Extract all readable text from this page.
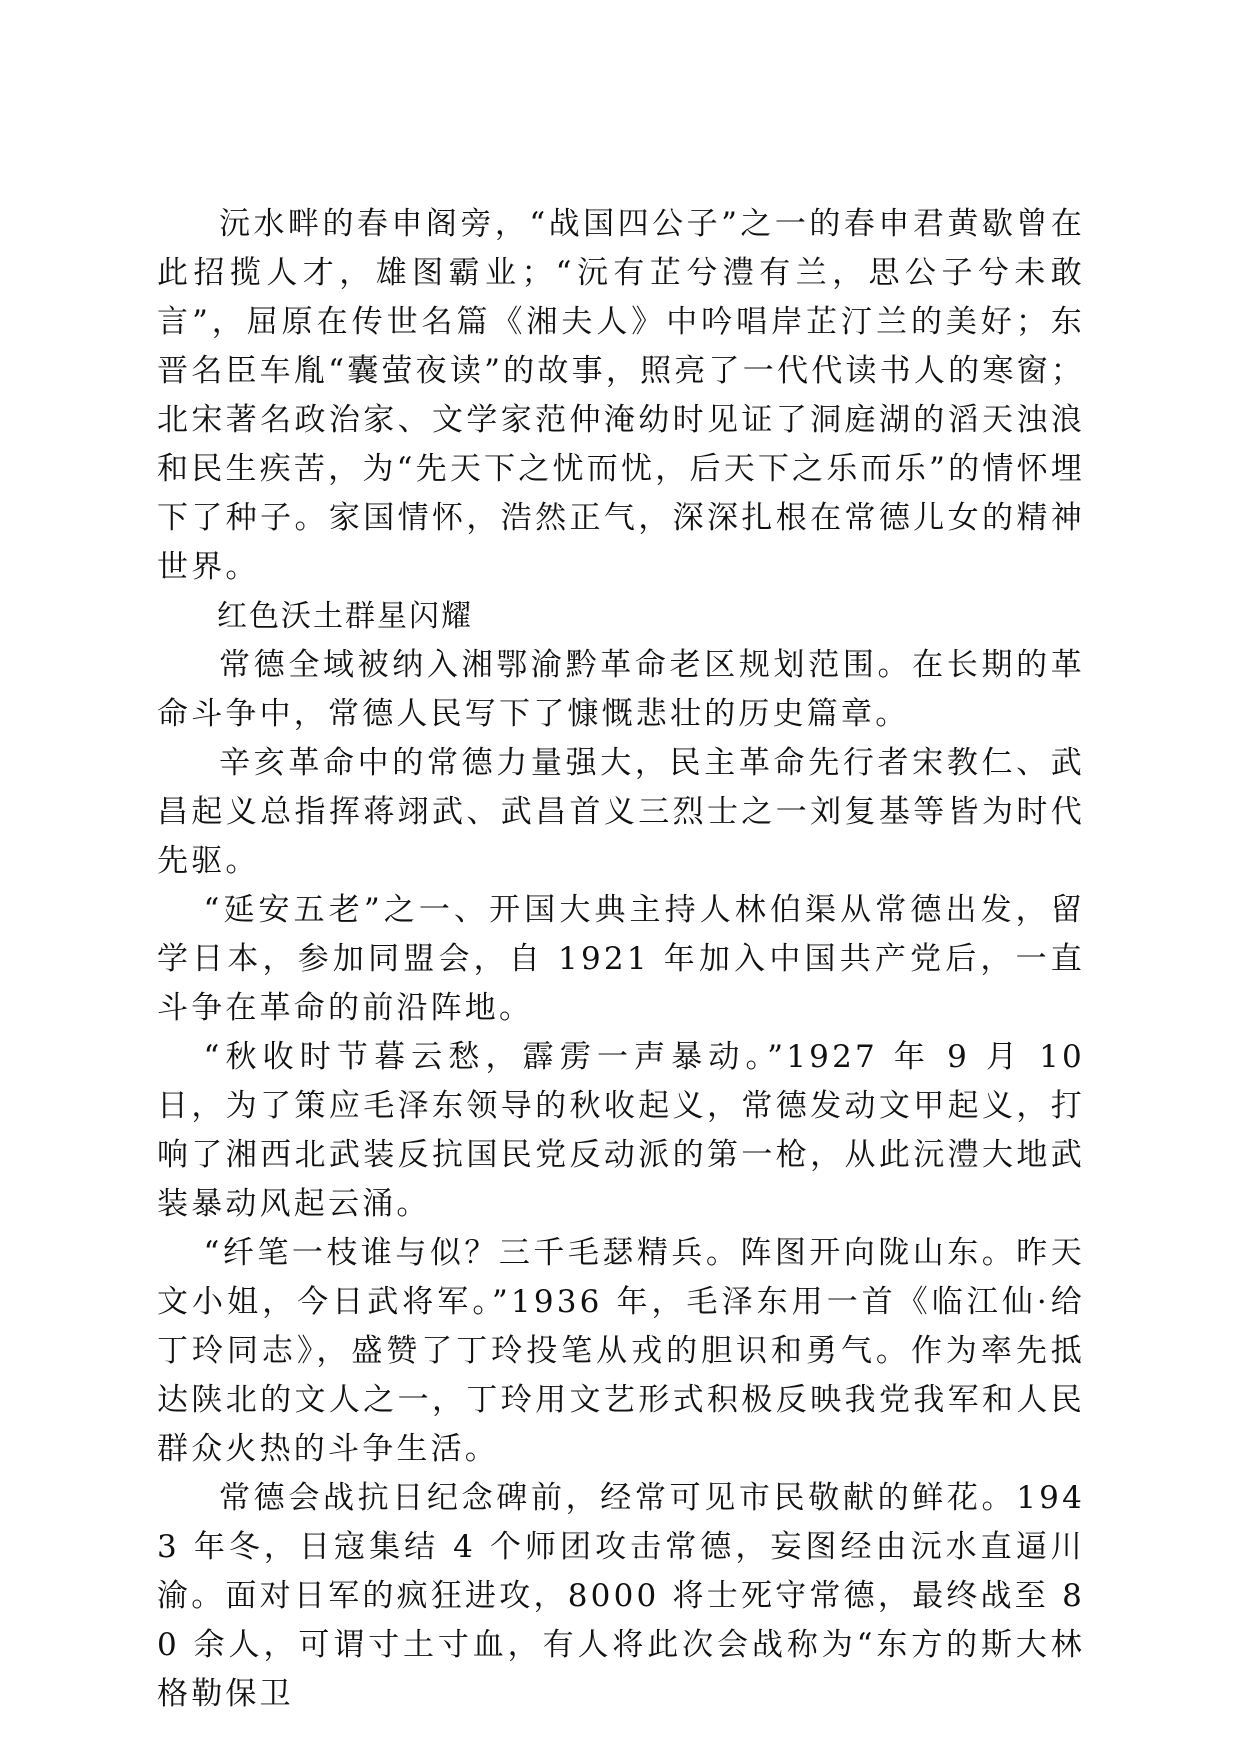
沅水畔的春申阁旁，“战国四公子”之一的春申君黄歇曾在此招揽人才，雄图霸业；“沅有芷兮澧有兰，思公子兮未敢言”，屈原在传世名篇《湘夫人》中吟唱岸芷汀兰的美好；东晋名臣车胤“囊萤夜读”的故事，照亮了一代代读书人的寒窗；北宋著名政治家、文学家范仲淹幼时见证了洞庭湖的滔天浊浪和民生疾苦，为“先天下之忧而忧，后天下之乐而乐”的情怀埋下了种子。家国情怀，浩然正气，深深扎根在常德儿女的精神世界。

红色沃土群星闪耀

常德全域被纳入湘鄂渝黔革命老区规划范围。在长期的革命斗争中，常德人民写下了慷慨悲壮的历史篇章。

辛亥革命中的常德力量强大，民主革命先行者宋教仁、武昌起义总指挥蒋翊武、武昌首义三烈士之一刘复基等皆为时代先驱。

“延安五老”之一、开国大典主持人林伯渠从常德出发，留学日本，参加同盟会，自 1921 年加入中国共产党后，一直斗争在革命的前沿阵地。

“秋收时节暮云愁，霹雳一声暴动。”1927 年 9 月 10 日，为了策应毛泽东领导的秋收起义，常德发动文甲起义，打响了湘西北武装反抗国民党反动派的第一枪，从此沅澧大地武装暴动风起云涌。

“纤笔一枝谁与似？三千毛瑟精兵。阵图开向陇山东。昨天文小姐，今日武将军。”1936 年，毛泽东用一首《临江仙·给丁玲同志》，盛赞了丁玲投笔从戎的胆识和勇气。作为率先抵达陕北的文人之一，丁玲用文艺形式积极反映我党我军和人民群众火热的斗争生活。

常德会战抗日纪念碑前，经常可见市民敬献的鲜花。1943 年冬，日寇集结 4 个师团攻击常德，妄图经由沅水直逼川渝。面对日军的疯狂进攻，8000 将士死守常德，最终战至 80 余人，可谓寸土寸血，有人将此次会战称为“东方的斯大林格勒保卫
